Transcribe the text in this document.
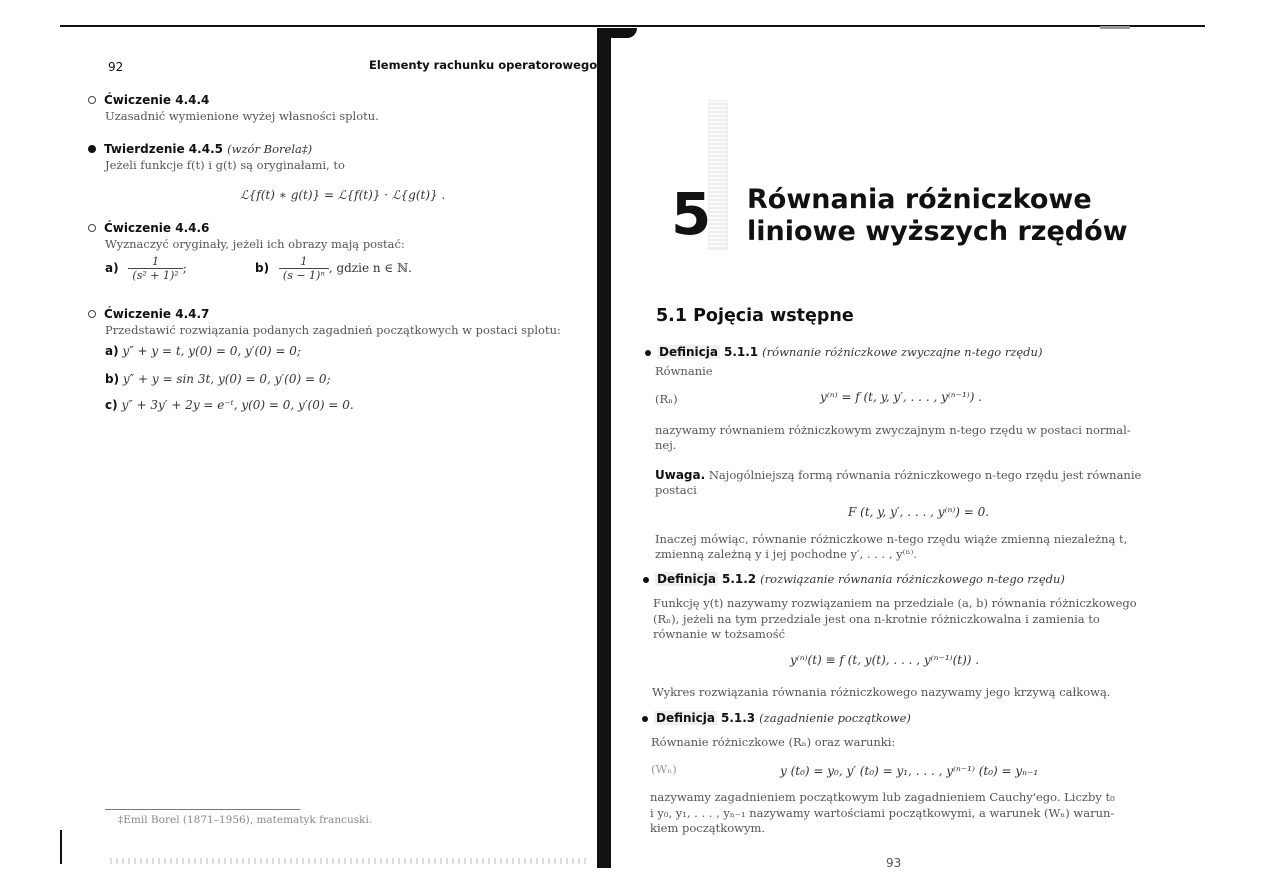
92	Elementy rachunku operatorowego
Ćwiczenie 4.4.4
Uzasadnić wymienione wyżej własności splotu.
Twierdzenie 4.4.5 (wzór Borela‡)
Jeżeli funkcje f(t) i g(t) są oryginałami, to
ℒ{f(t) ∗ g(t)} = ℒ{f(t)} · ℒ{g(t)} .
Ćwiczenie 4.4.6
Wyznaczyć oryginały, jeżeli ich obrazy mają postać:
$a) \frac{1}{\text{(s² + 1)²}}$ ;	$b) \frac{1}{\text{(s − 1)ⁿ}}$ , gdzie n ∈ ℕ.
Ćwiczenie 4.4.7
Przedstawić rozwiązania podanych zagadnień początkowych w postaci splotu:
a) y″ + y = t, y(0) = 0, y′(0) = 0;
b) y″ + y = sin 3t, y(0) = 0, y′(0) = 0;
c) y″ + 3y′ + 2y = e⁻ᵗ, y(0) = 0, y′(0) = 0.
‡Emil Borel (1871–1956), matematyk francuski.
5 Równania różniczkowe
liniowe wyższych rzędów
5.1 Pojęcia wstępne
Definicja 5.1.1 (równanie różniczkowe zwyczajne n-tego rzędu)
Równanie
(Rₙ)	y⁽ⁿ⁾ = f (t, y, y′, . . . , y⁽ⁿ⁻¹⁾) .
nazywamy równaniem różniczkowym zwyczajnym n-tego rzędu w postaci normal-
nej.
Uwaga. Najogólniejszą formą równania różniczkowego n-tego rzędu jest równanie
postaci
F (t, y, y′, . . . , y⁽ⁿ⁾) = 0.
Inaczej mówiąc, równanie różniczkowe n-tego rzędu wiąże zmienną niezależną t,
zmienną zależną y i jej pochodne y′, . . . , y⁽ⁿ⁾.
Definicja 5.1.2 (rozwiązanie równania różniczkowego n-tego rzędu)
Funkcję y(t) nazywamy rozwiązaniem na przedziale (a, b) równania różniczkowego
(Rₙ), jeżeli na tym przedziale jest ona n-krotnie różniczkowalna i zamienia to
równanie w tożsamość
y⁽ⁿ⁾(t) ≡ f (t, y(t), . . . , y⁽ⁿ⁻¹⁾(t)) .
Wykres rozwiązania równania różniczkowego nazywamy jego krzywą całkową.
Definicja 5.1.3 (zagadnienie początkowe)
Równanie różniczkowe (Rₙ) oraz warunki:
(Wₙ)	y (t₀) = y₀, y′ (t₀) = y₁, . . . , y⁽ⁿ⁻¹⁾ (t₀) = yₙ₋₁
nazywamy zagadnieniem początkowym lub zagadnieniem Cauchy'ego. Liczby t₀
i y₀, y₁, . . . , yₙ₋₁ nazywamy wartościami początkowymi, a warunek (Wₙ) warun-
kiem początkowym.
93
